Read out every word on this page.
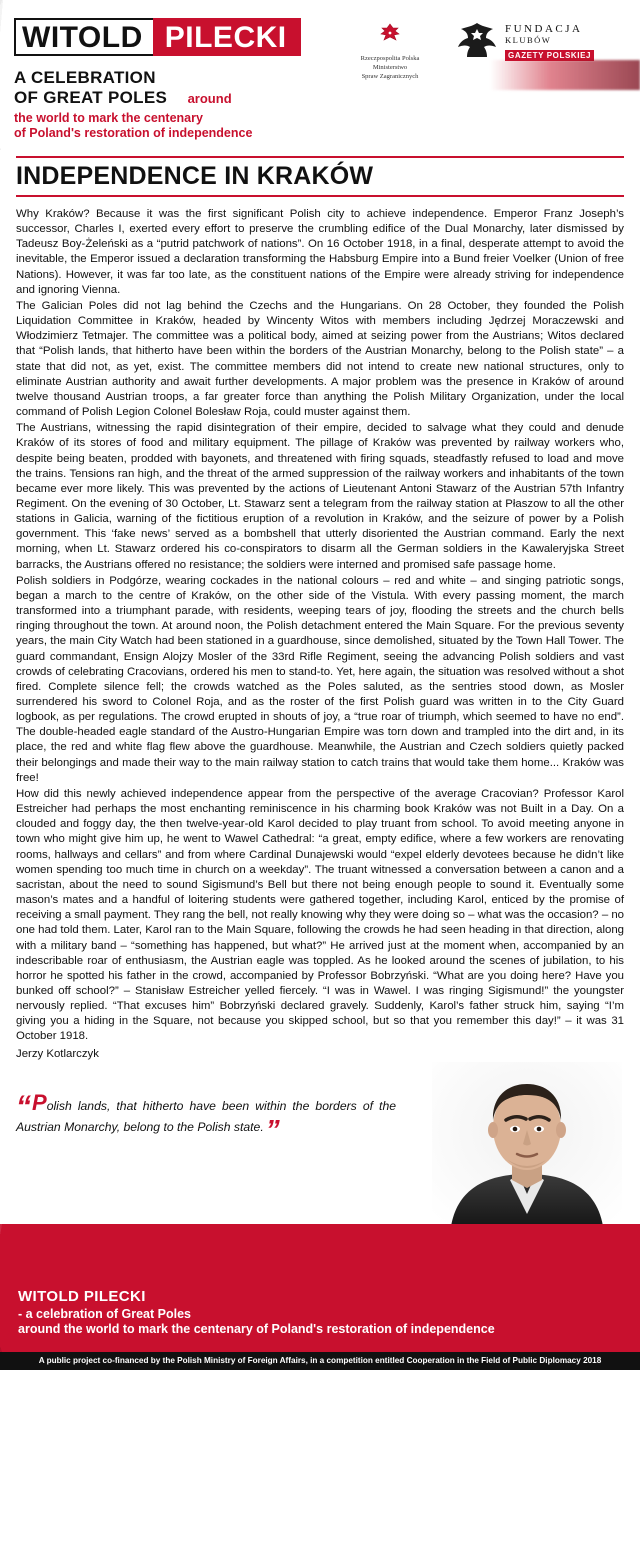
WITOLD PILECKI
A CELEBRATION
OF GREAT POLES around
the world to mark the centenary
of Poland's restoration of independence
Rzeczpospolita Polska
Ministerstwo
Spraw Zagranicznych
FUNDACJA
KLUBÓW
GAZETY POLSKIEJ
INDEPENDENCE IN KRAKÓW

Why Kraków? Because it was the first significant Polish city to achieve independence. Emperor Franz Joseph’s successor, Charles I, exerted every effort to preserve the crumbling edifice of the Dual Monarchy, later dismissed by Tadeusz Boy-Żeleński as a “putrid patchwork of nations”. On 16 October 1918, in a final, desperate attempt to avoid the inevitable, the Emperor issued a declaration transforming the Habsburg Empire into a Bund freier Voelker (Union of free Nations). However, it was far too late, as the constituent nations of the Empire were already striving for independence and ignoring Vienna.

The Galician Poles did not lag behind the Czechs and the Hungarians. On 28 October, they founded the Polish Liquidation Committee in Kraków, headed by Wincenty Witos with members including Jędrzej Moraczewski and Włodzimierz Tetmajer. The committee was a political body, aimed at seizing power from the Austrians; Witos declared that “Polish lands, that hitherto have been within the borders of the Austrian Monarchy, belong to the Polish state” – a state that did not, as yet, exist. The committee members did not intend to create new national structures, only to eliminate Austrian authority and await further developments. A major problem was the presence in Kraków of around twelve thousand Austrian troops, a far greater force than anything the Polish Military Organization, under the local command of Polish Legion Colonel Bolesław Roja, could muster against them.

The Austrians, witnessing the rapid disintegration of their empire, decided to salvage what they could and denude Kraków of its stores of food and military equipment. The pillage of Kraków was prevented by railway workers who, despite being beaten, prodded with bayonets, and threatened with firing squads, steadfastly refused to load and move the trains. Tensions ran high, and the threat of the armed suppression of the railway workers and inhabitants of the town became ever more likely. This was prevented by the actions of Lieutenant Antoni Stawarz of the Austrian 57th Infantry Regiment. On the evening of 30 October, Lt. Stawarz sent a telegram from the railway station at Płaszow to all the other stations in Galicia, warning of the fictitious eruption of a revolution in Kraków, and the seizure of power by a Polish government. This ‘fake news’ served as a bombshell that utterly disoriented the Austrian command. Early the next morning, when Lt. Stawarz ordered his co-conspirators to disarm all the German soldiers in the Kawaleryjska Street barracks, the Austrians offered no resistance; the soldiers were interned and promised safe passage home.

Polish soldiers in Podgórze, wearing cockades in the national colours – red and white – and singing patriotic songs, began a march to the centre of Kraków, on the other side of the Vistula. With every passing moment, the march transformed into a triumphant parade, with residents, weeping tears of joy, flooding the streets and the church bells ringing throughout the town. At around noon, the Polish detachment entered the Main Square. For the previous seventy years, the main City Watch had been stationed in a guardhouse, since demolished, situated by the Town Hall Tower. The guard commandant, Ensign Alojzy Mosler of the 33rd Rifle Regiment, seeing the advancing Polish soldiers and vast crowds of celebrating Cracovians, ordered his men to stand-to. Yet, here again, the situation was resolved without a shot fired. Complete silence fell; the crowds watched as the Poles saluted, as the sentries stood down, as Mosler surrendered his sword to Colonel Roja, and as the roster of the first Polish guard was written in to the City Guard logbook, as per regulations. The crowd erupted in shouts of joy, a “true roar of triumph, which seemed to have no end”. The double-headed eagle standard of the Austro-Hungarian Empire was torn down and trampled into the dirt and, in its place, the red and white flag flew above the guardhouse. Meanwhile, the Austrian and Czech soldiers quietly packed their belongings and made their way to the main railway station to catch trains that would take them home... Kraków was free!

How did this newly achieved independence appear from the perspective of the average Cracovian? Professor Karol Estreicher had perhaps the most enchanting reminiscence in his charming book Kraków was not Built in a Day. On a clouded and foggy day, the then twelve-year-old Karol decided to play truant from school. To avoid meeting anyone in town who might give him up, he went to Wawel Cathedral: “a great, empty edifice, where a few workers are renovating rooms, hallways and cellars” and from where Cardinal Dunajewski would “expel elderly devotees because he didn’t like women spending too much time in church on a weekday”. The truant witnessed a conversation between a canon and a sacristan, about the need to sound Sigismund’s Bell but there not being enough people to sound it. Eventually some mason’s mates and a handful of loitering students were gathered together, including Karol, enticed by the promise of receiving a small payment. They rang the bell, not really knowing why they were doing so – what was the occasion? – no one had told them. Later, Karol ran to the Main Square, following the crowds he had seen heading in that direction, along with a military band – “something has happened, but what?” He arrived just at the moment when, accompanied by an indescribable roar of enthusiasm, the Austrian eagle was toppled. As he looked around the scenes of jubilation, to his horror he spotted his father in the crowd, accompanied by Professor Bobrzyński. “What are you doing here? Have you bunked off school?” – Stanisław Estreicher yelled fiercely. “I was in Wawel. I was ringing Sigismund!” the youngster nervously replied. “That excuses him” Bobrzyński declared gravely. Suddenly, Karol’s father struck him, saying “I’m giving you a hiding in the Square, not because you skipped school, but so that you remember this day!” – it was 31 October 1918.

Jerzy Kotlarczyk
“Polish lands, that hitherto have been within the borders of the Austrian Monarchy, belong to the Polish state.”
WITOLD PILECKI
- a celebration of Great Poles
around the world to mark the centenary of Poland's restoration of independence
A public project co-financed by the Polish Ministry of Foreign Affairs, in a competition entitled Cooperation in the Field of Public Diplomacy 2018
